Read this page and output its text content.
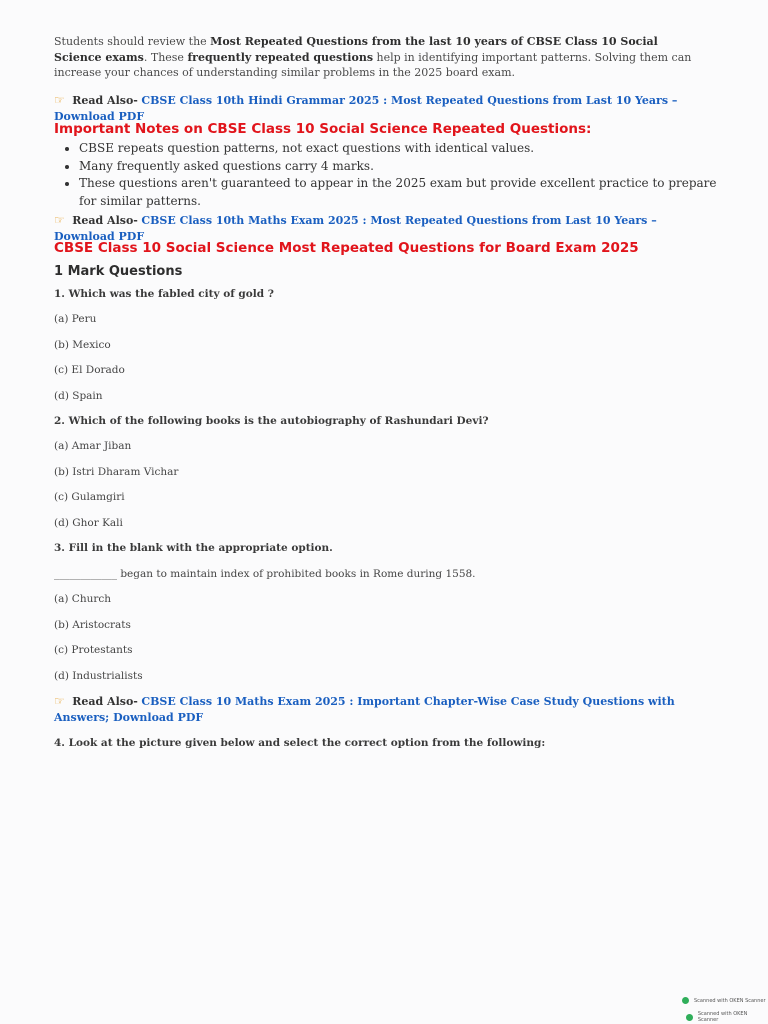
Students should review the Most Repeated Questions from the last 10 years of CBSE Class 10 Social Science exams. These frequently repeated questions help in identifying important patterns. Solving them can increase your chances of understanding similar problems in the 2025 board exam.

☞ Read Also- CBSE Class 10th Hindi Grammar 2025 : Most Repeated Questions from Last 10 Years – Download PDF

Important Notes on CBSE Class 10 Social Science Repeated Questions:
• CBSE repeats question patterns, not exact questions with identical values.
• Many frequently asked questions carry 4 marks.
• These questions aren't guaranteed to appear in the 2025 exam but provide excellent practice to prepare for similar patterns.

☞ Read Also- CBSE Class 10th Maths Exam 2025 : Most Repeated Questions from Last 10 Years – Download PDF

CBSE Class 10 Social Science Most Repeated Questions for Board Exam 2025
1 Mark Questions

1. Which was the fabled city of gold ?

(a) Peru

(b) Mexico

(c) El Dorado

(d) Spain

2. Which of the following books is the autobiography of Rashundari Devi?

(a) Amar Jiban

(b) Istri Dharam Vichar

(c) Gulamgiri

(d) Ghor Kali

3. Fill in the blank with the appropriate option.

____________ began to maintain index of prohibited books in Rome during 1558.

(a) Church

(b) Aristocrats

(c) Protestants

(d) Industrialists

☞ Read Also- CBSE Class 10 Maths Exam 2025 : Important Chapter-Wise Case Study Questions with Answers; Download PDF

4. Look at the picture given below and select the correct option from the following:

Scanned with OKEN Scanner
Scanned with OKEN Scanner
